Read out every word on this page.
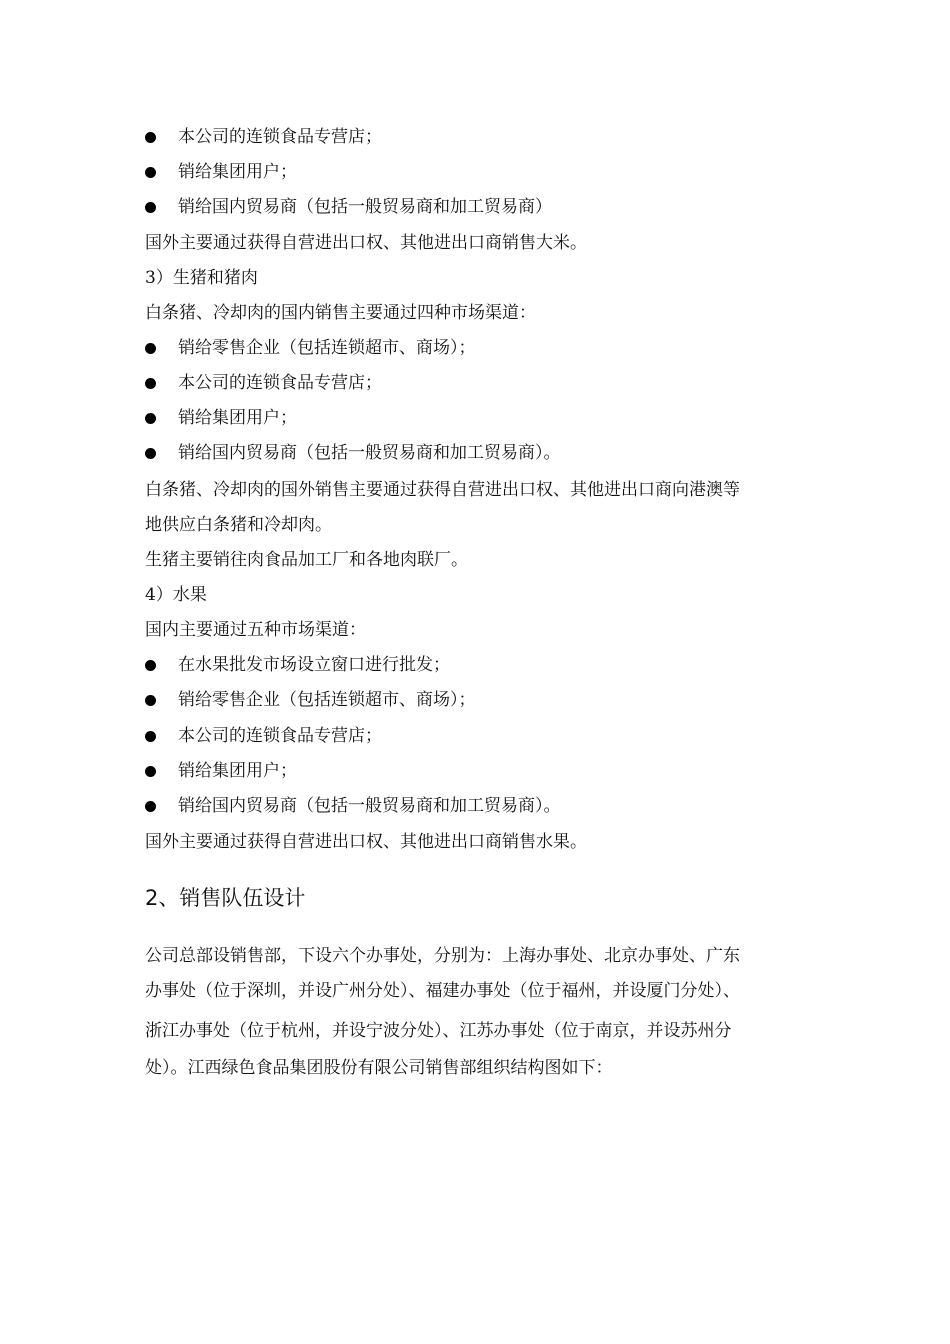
本公司的连锁食品专营店；
销给集团用户；
销给国内贸易商（包括一般贸易商和加工贸易商）
国外主要通过获得自营进出口权、其他进出口商销售大米。
3）生猪和猪肉
白条猪、冷却肉的国内销售主要通过四种市场渠道：
销给零售企业（包括连锁超市、商场）；
本公司的连锁食品专营店；
销给集团用户；
销给国内贸易商（包括一般贸易商和加工贸易商）。
白条猪、冷却肉的国外销售主要通过获得自营进出口权、其他进出口商向港澳等
地供应白条猪和冷却肉。
生猪主要销往肉食品加工厂和各地肉联厂。
4）水果
国内主要通过五种市场渠道：
在水果批发市场设立窗口进行批发；
销给零售企业（包括连锁超市、商场）；
本公司的连锁食品专营店；
销给集团用户；
销给国内贸易商（包括一般贸易商和加工贸易商）。
国外主要通过获得自营进出口权、其他进出口商销售水果。
2、销售队伍设计
公司总部设销售部，下设六个办事处，分别为：上海办事处、北京办事处、广东
办事处（位于深圳，并设广州分处）、福建办事处（位于福州，并设厦门分处）、
浙江办事处（位于杭州，并设宁波分处）、江苏办事处（位于南京，并设苏州分
处）。江西绿色食品集团股份有限公司销售部组织结构图如下：
